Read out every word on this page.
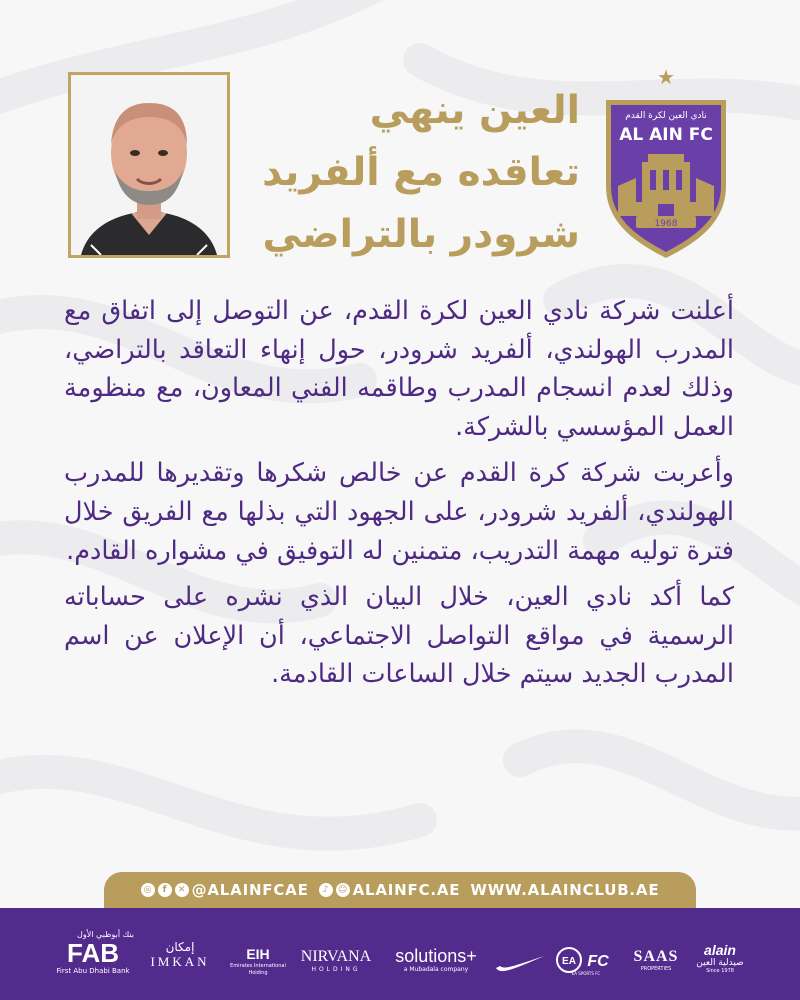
العين ينهي
تعاقده مع ألفريد
شرودر بالتراضي
★
نادي العين لكرة القدم
AL AIN FC
1968

أعلنت شركة نادي العين لكرة القدم، عن التوصل إلى اتفاق مع المدرب الهولندي، ألفريد شرودر، حول إنهاء التعاقد بالتراضي، وذلك لعدم انسجام المدرب وطاقمه الفني المعاون، مع منظومة العمل المؤسسي بالشركة.

وأعربت شركة كرة القدم عن خالص شكرها وتقديرها للمدرب الهولندي، ألفريد شرودر، على الجهود التي بذلها مع الفريق خلال فترة توليه مهمة التدريب، متمنين له التوفيق في مشواره القادم.

كما أكد نادي العين، خلال البيان الذي نشره على حساباته الرسمية في مواقع التواصل الاجتماعي، أن الإعلان عن اسم المدرب الجديد سيتم خلال الساعات القادمة.

◎	f	✕ @ALAINFCAE	♪	☺ ALAINFC.AE WWW.ALAINCLUB.AE
بنك أبوظبي الأول
FAB
First Abu Dhabi Bank
إمكان
IMKAN	EIH
Emirates International Holding
NIRVANA
HOLDING
solutions+
a Mubadala company
EA FC
EA SPORTS FC
SAAS
PROPERTIES
alain
صيدلية العين
Since 1978
